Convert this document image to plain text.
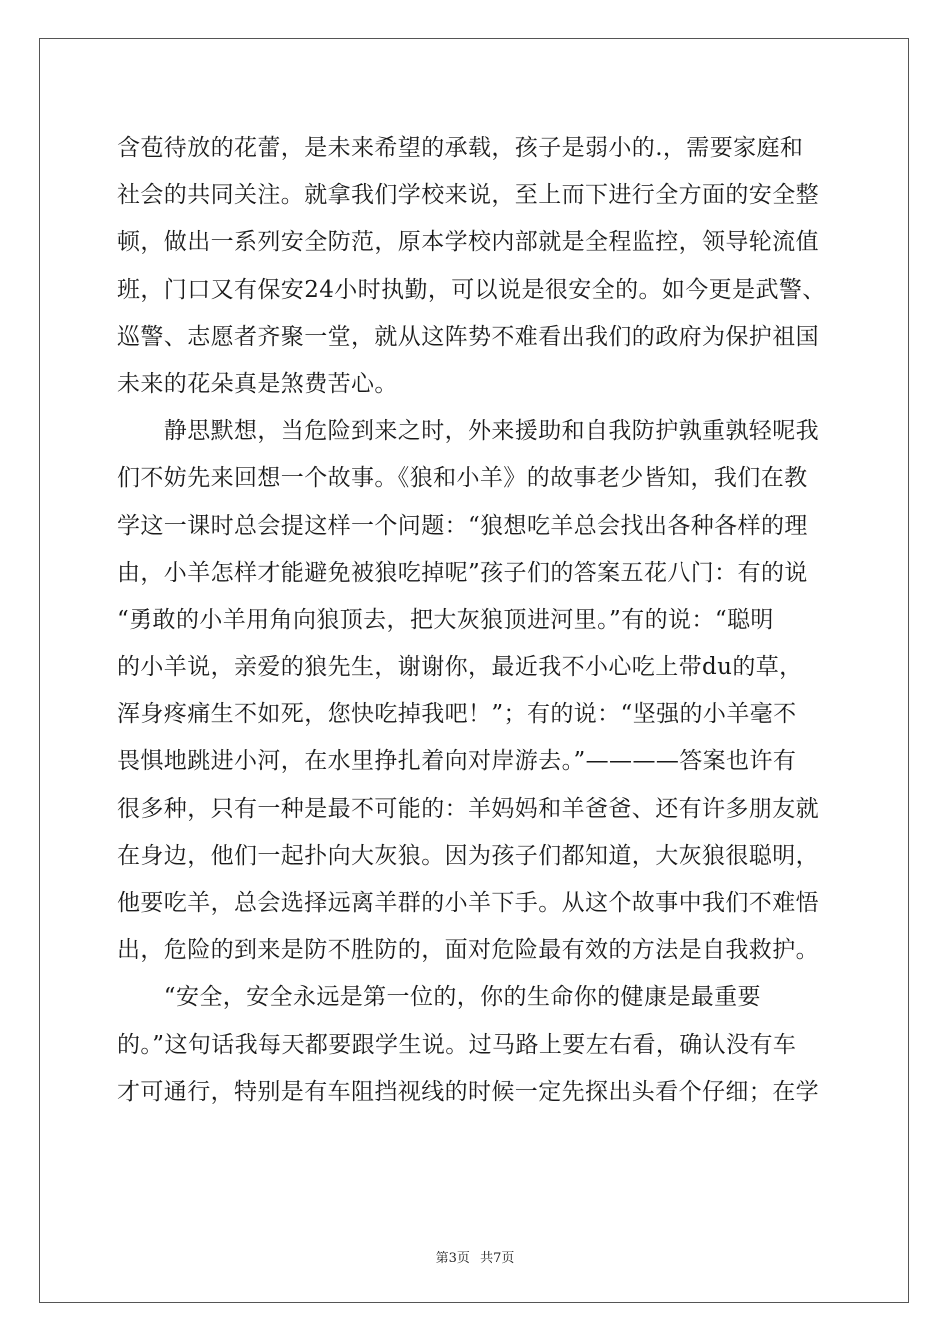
含苞待放的花蕾，是未来希望的承载，孩子是弱小的.，需要家庭和
社会的共同关注。就拿我们学校来说，至上而下进行全方面的安全整
顿，做出一系列安全防范，原本学校内部就是全程监控，领导轮流值
班，门口又有保安24小时执勤，可以说是很安全的。如今更是武警、
巡警、志愿者齐聚一堂，就从这阵势不难看出我们的政府为保护祖国
未来的花朵真是煞费苦心。
　　静思默想，当危险到来之时，外来援助和自我防护孰重孰轻呢我
们不妨先来回想一个故事。《狼和小羊》的故事老少皆知，我们在教
学这一课时总会提这样一个问题：“狼想吃羊总会找出各种各样的理
由，小羊怎样才能避免被狼吃掉呢”孩子们的答案五花八门：有的说
“勇敢的小羊用角向狼顶去，把大灰狼顶进河里。”有的说：“聪明
的小羊说，亲爱的狼先生，谢谢你，最近我不小心吃上带du的草，
浑身疼痛生不如死，您快吃掉我吧！”；有的说：“坚强的小羊毫不
畏惧地跳进小河，在水里挣扎着向对岸游去。”————答案也许有
很多种，只有一种是最不可能的：羊妈妈和羊爸爸、还有许多朋友就
在身边，他们一起扑向大灰狼。因为孩子们都知道，大灰狼很聪明，
他要吃羊，总会选择远离羊群的小羊下手。从这个故事中我们不难悟
出，危险的到来是防不胜防的，面对危险最有效的方法是自我救护。
　　“安全，安全永远是第一位的，你的生命你的健康是最重要
的。”这句话我每天都要跟学生说。过马路上要左右看，确认没有车
才可通行，特别是有车阻挡视线的时候一定先探出头看个仔细；在学
第3页 共7页
